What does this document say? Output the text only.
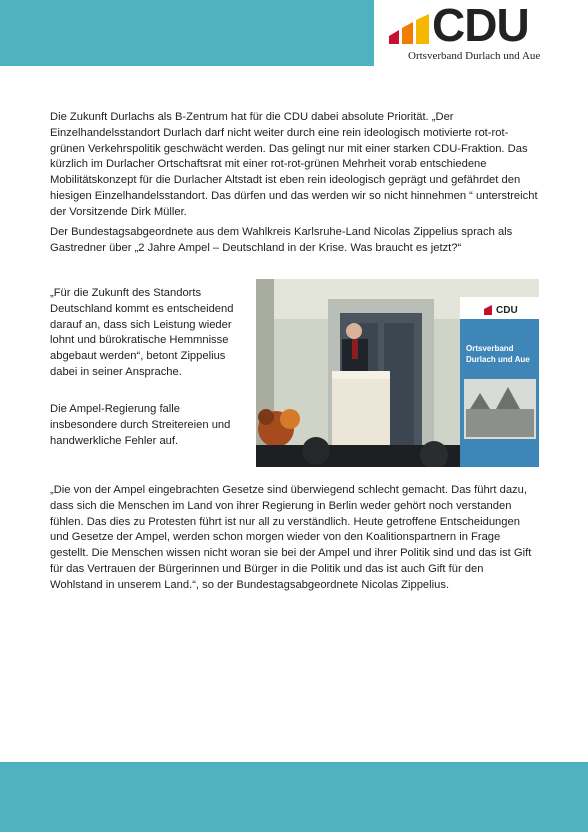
CDU
Ortsverband Durlach und Aue

Die Zukunft Durlachs als B-Zentrum hat für die CDU dabei absolute Priorität. „Der Einzelhandelsstandort Durlach darf nicht weiter durch eine rein ideologisch motivierte rot-rot-grünen Verkehrspolitik geschwächt werden. Das gelingt nur mit einer starken CDU-Fraktion. Das kürzlich im Durlacher Ortschaftsrat mit einer rot-rot-grünen Mehrheit vorab entschiedene Mobilitätskonzept für die Durlacher Altstadt ist eben rein ideologisch geprägt und gefährdet den hiesigen Einzelhandelsstandort. Das dürfen und das werden wir so nicht hinnehmen “ unterstreicht der Vorsitzende Dirk Müller.

Der Bundestagsabgeordnete aus dem Wahlkreis Karlsruhe-Land Nicolas Zippelius sprach als Gastredner über „2 Jahre Ampel – Deutschland in der Krise. Was braucht es jetzt?“

„Für die Zukunft des Standorts Deutschland kommt es entscheidend darauf an, dass sich Leistung wieder lohnt und bürokratische Hemmnisse abgebaut werden“, betont Zippelius dabei in seiner Ansprache.

Die Ampel-Regierung falle insbesondere durch Streitereien und handwerkliche Fehler auf.

CDU
Ortsverband
Durlach und Aue

„Die von der Ampel eingebrachten Gesetze sind überwiegend schlecht gemacht. Das führt dazu, dass sich die Menschen im Land von ihrer Regierung in Berlin weder gehört noch verstanden fühlen. Das dies zu Protesten führt ist nur all zu verständlich. Heute getroffene Entscheidungen und Gesetze der Ampel, werden schon morgen wieder von den Koalitionspartnern in Frage gestellt. Die Menschen wissen nicht woran sie bei der Ampel und ihrer Politik sind und das ist Gift für das Vertrauen der Bürgerinnen und Bürger in die Politik und das ist auch Gift für den Wohlstand in unserem Land.“, so der Bundestagsabgeordnete Nicolas Zippelius.
